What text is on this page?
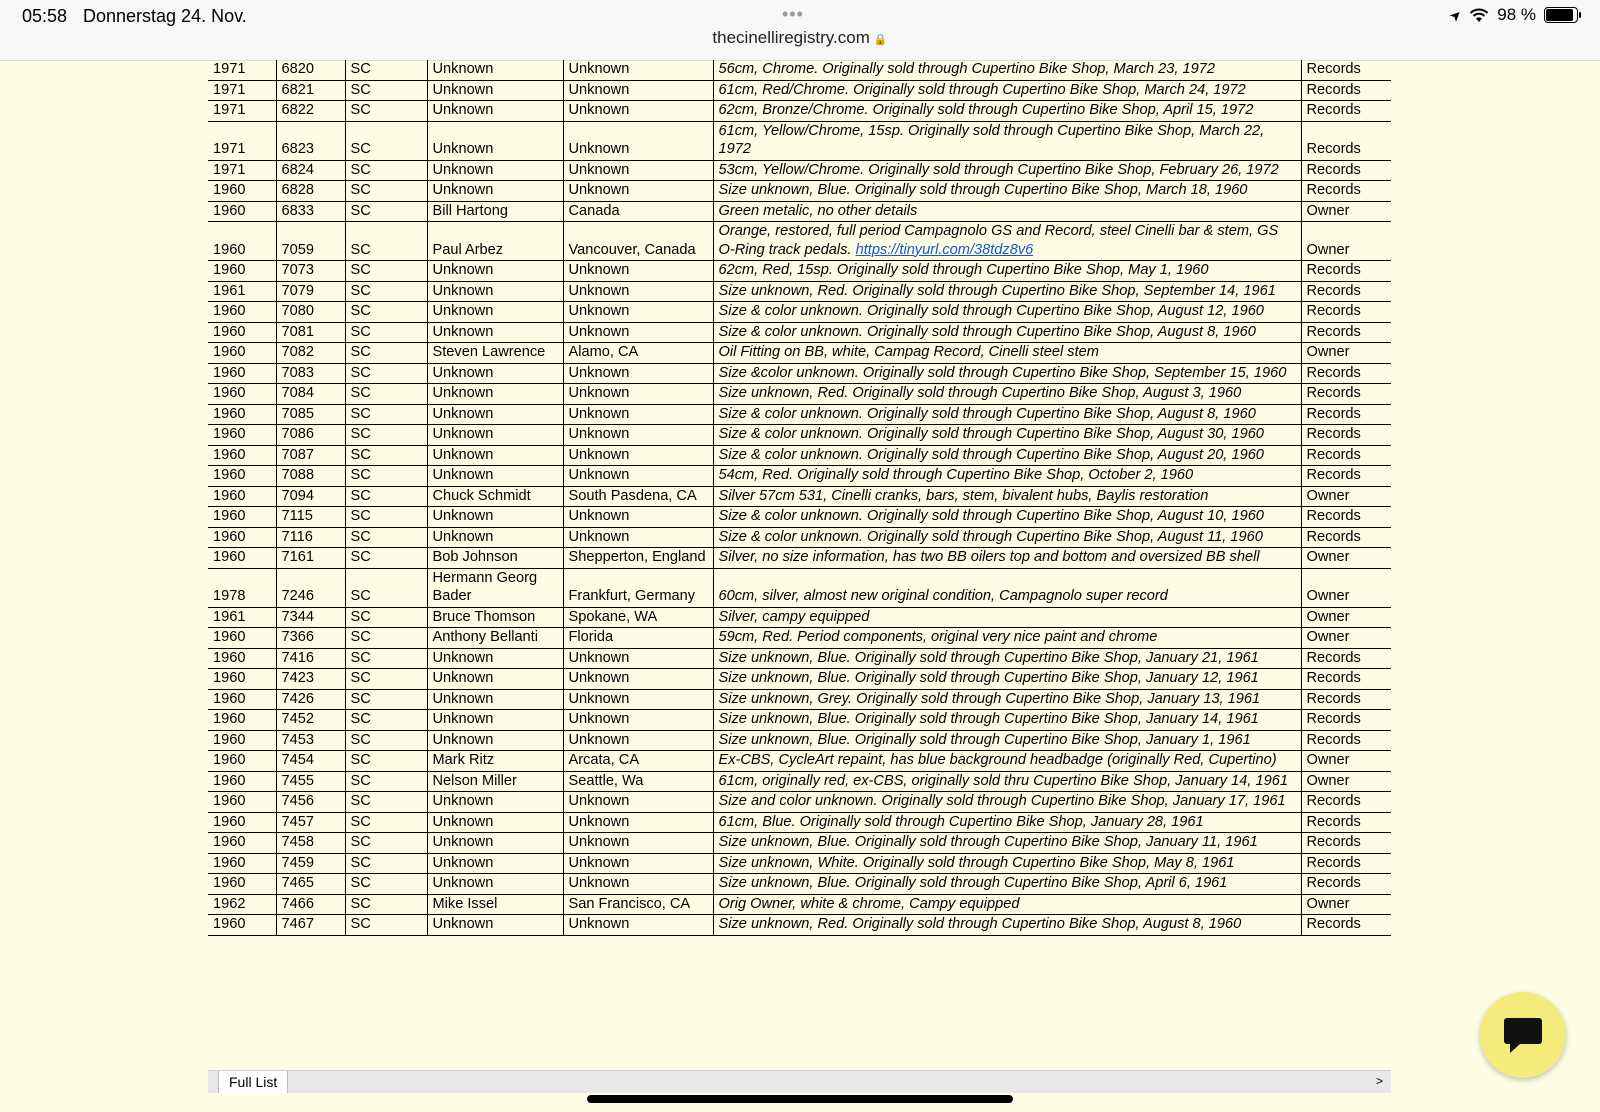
05:58 Donnerstag 24. Nov.	•••
thecinelliregistry.com 🔒
➤ 98 %
1971	6820	SC	Unknown	Unknown	56cm, Chrome. Originally sold through Cupertino Bike Shop, March 23, 1972	Records
1971	6821	SC	Unknown	Unknown	61cm, Red/Chrome. Originally sold through Cupertino Bike Shop, March 24, 1972	Records
1971	6822	SC	Unknown	Unknown	62cm, Bronze/Chrome. Originally sold through Cupertino Bike Shop, April 15, 1972	Records
1971	6823	SC	Unknown	Unknown	61cm, Yellow/Chrome, 15sp. Originally sold through Cupertino Bike Shop, March 22, 1972	Records
1971	6824	SC	Unknown	Unknown	53cm, Yellow/Chrome. Originally sold through Cupertino Bike Shop, February 26, 1972	Records
1960	6828	SC	Unknown	Unknown	Size unknown, Blue. Originally sold through Cupertino Bike Shop, March 18, 1960	Records
1960	6833	SC	Bill Hartong	Canada	Green metalic, no other details	Owner
1960	7059	SC	Paul Arbez	Vancouver, Canada	Orange, restored, full period Campagnolo GS and Record, steel Cinelli bar & stem, GS O-Ring track pedals. https://tinyurl.com/38tdz8v6	Owner
1960	7073	SC	Unknown	Unknown	62cm, Red, 15sp. Originally sold through Cupertino Bike Shop, May 1, 1960	Records
1961	7079	SC	Unknown	Unknown	Size unknown, Red. Originally sold through Cupertino Bike Shop, September 14, 1961	Records
1960	7080	SC	Unknown	Unknown	Size & color unknown. Originally sold through Cupertino Bike Shop, August 12, 1960	Records
1960	7081	SC	Unknown	Unknown	Size & color unknown. Originally sold through Cupertino Bike Shop, August 8, 1960	Records
1960	7082	SC	Steven Lawrence	Alamo, CA	Oil Fitting on BB, white, Campag Record, Cinelli steel stem	Owner
1960	7083	SC	Unknown	Unknown	Size &color unknown. Originally sold through Cupertino Bike Shop, September 15, 1960	Records
1960	7084	SC	Unknown	Unknown	Size unknown, Red. Originally sold through Cupertino Bike Shop, August 3, 1960	Records
1960	7085	SC	Unknown	Unknown	Size & color unknown. Originally sold through Cupertino Bike Shop, August 8, 1960	Records
1960	7086	SC	Unknown	Unknown	Size & color unknown. Originally sold through Cupertino Bike Shop, August 30, 1960	Records
1960	7087	SC	Unknown	Unknown	Size & color unknown. Originally sold through Cupertino Bike Shop, August 20, 1960	Records
1960	7088	SC	Unknown	Unknown	54cm, Red. Originally sold through Cupertino Bike Shop, October 2, 1960	Records
1960	7094	SC	Chuck Schmidt	South Pasdena, CA	Silver 57cm 531, Cinelli cranks, bars, stem, bivalent hubs, Baylis restoration	Owner
1960	7115	SC	Unknown	Unknown	Size & color unknown. Originally sold through Cupertino Bike Shop, August 10, 1960	Records
1960	7116	SC	Unknown	Unknown	Size & color unknown. Originally sold through Cupertino Bike Shop, August 11, 1960	Records
1960	7161	SC	Bob Johnson	Shepperton, England	Silver, no size information, has two BB oilers top and bottom and oversized BB shell	Owner
1978	7246	SC	Hermann Georg Bader	Frankfurt, Germany	60cm, silver, almost new original condition, Campagnolo super record	Owner
1961	7344	SC	Bruce Thomson	Spokane, WA	Silver, campy equipped	Owner
1960	7366	SC	Anthony Bellanti	Florida	59cm, Red. Period components, original very nice paint and chrome	Owner
1960	7416	SC	Unknown	Unknown	Size unknown, Blue. Originally sold through Cupertino Bike Shop, January 21, 1961	Records
1960	7423	SC	Unknown	Unknown	Size unknown, Blue. Originally sold through Cupertino Bike Shop, January 12, 1961	Records
1960	7426	SC	Unknown	Unknown	Size unknown, Grey. Originally sold through Cupertino Bike Shop, January 13, 1961	Records
1960	7452	SC	Unknown	Unknown	Size unknown, Blue. Originally sold through Cupertino Bike Shop, January 14, 1961	Records
1960	7453	SC	Unknown	Unknown	Size unknown, Blue. Originally sold through Cupertino Bike Shop, January 1, 1961	Records
1960	7454	SC	Mark Ritz	Arcata, CA	Ex-CBS, CycleArt repaint, has blue background headbadge (originally Red, Cupertino)	Owner
1960	7455	SC	Nelson Miller	Seattle, Wa	61cm, originally red, ex-CBS, originally sold thru Cupertino Bike Shop, January 14, 1961	Owner
1960	7456	SC	Unknown	Unknown	Size and color unknown. Originally sold through Cupertino Bike Shop, January 17, 1961	Records
1960	7457	SC	Unknown	Unknown	61cm, Blue. Originally sold through Cupertino Bike Shop, January 28, 1961	Records
1960	7458	SC	Unknown	Unknown	Size unknown, Blue. Originally sold through Cupertino Bike Shop, January 11, 1961	Records
1960	7459	SC	Unknown	Unknown	Size unknown, White. Originally sold through Cupertino Bike Shop, May 8, 1961	Records
1960	7465	SC	Unknown	Unknown	Size unknown, Blue. Originally sold through Cupertino Bike Shop, April 6, 1961	Records
1962	7466	SC	Mike Issel	San Francisco, CA	Orig Owner, white & chrome, Campy equipped	Owner
1960	7467	SC	Unknown	Unknown	Size unknown, Red. Originally sold through Cupertino Bike Shop, August 8, 1960	Records
Full List	>
